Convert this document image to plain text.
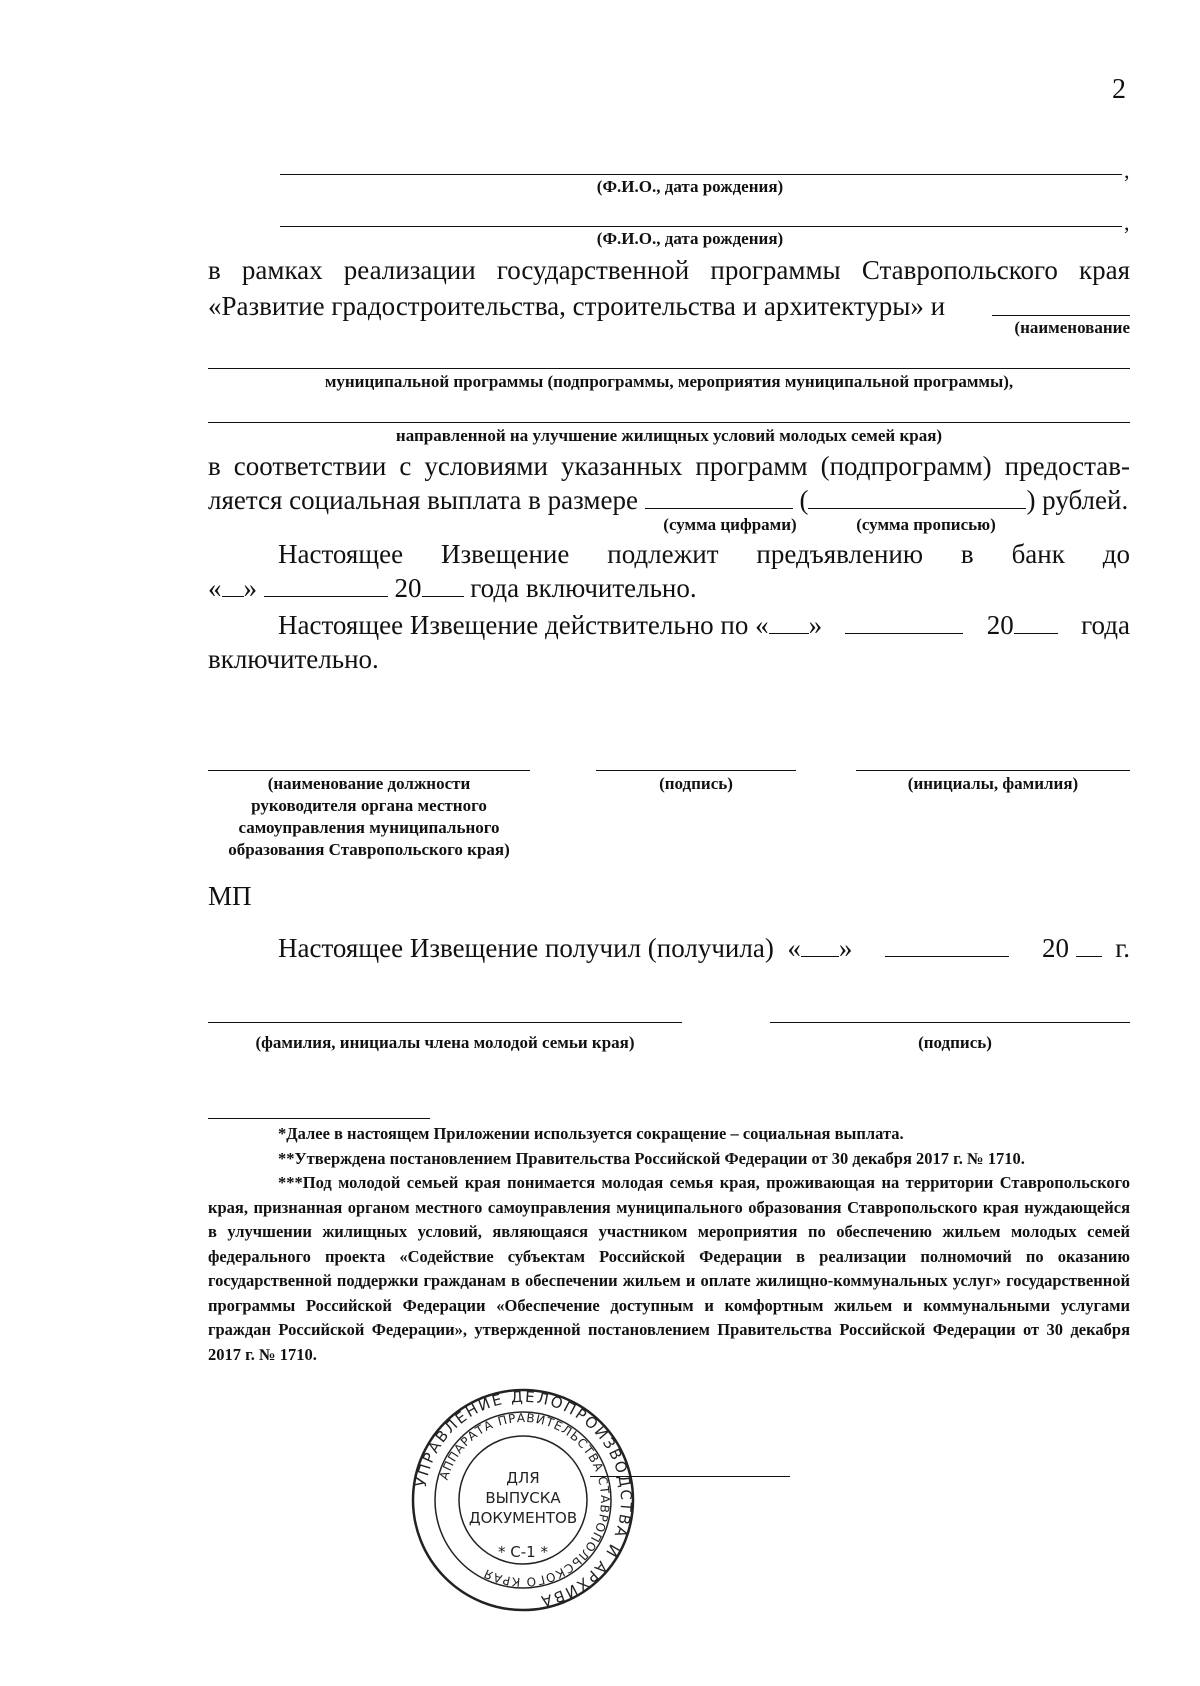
2
,
(Ф.И.О., дата рождения)
,
(Ф.И.О., дата рождения)
в рамках реализации государственной программы Ставропольского края
«Развитие градостроительства, строительства и архитектуры» и
(наименование
муниципальной программы (подпрограммы, мероприятия муниципальной программы),
направленной на улучшение жилищных условий молодых семей края)
в соответствии с условиями указанных программ (подпрограмм) предостав-
ляется социальная выплата в размере	(	) рублей.
(сумма цифрами)	(сумма прописью)
Настоящее Извещение подлежит предъявлению в банк до
« »	20 года включительно.
Настоящее Извещение действительно по « »	20	года
включительно.
(наименование должности
руководителя органа местного
самоуправления муниципального
образования Ставропольского края)
(подпись)	(инициалы, фамилия)
МП
Настоящее Извещение получил (получила) « »	20 г.
(фамилия, инициалы члена молодой семьи края)	(подпись)

*Далее в настоящем Приложении используется сокращение – социальная выплата.

**Утверждена постановлением Правительства Российской Федерации от 30 декабря 2017 г. № 1710.

***Под молодой семьей края понимается молодая семья края, проживающая на территории Ставропольского края, признанная органом местного самоуправления муниципального образования Ставропольского края нуждающейся в улучшении жилищных условий, являющаяся участником мероприятия по обеспечению жильем молодых семей федерального проекта «Содействие субъектам Российской Федерации в реализации полномочий по оказанию государственной поддержки гражданам в обеспечении жильем и оплате жилищно-коммунальных услуг» государственной программы Российской Федерации «Обеспечение доступным и комфортным жильем и коммунальными услугами граждан Российской Федерации», утвержденной постановлением Правительства Российской Федерации от 30 декабря 2017 г. № 1710.

УПРАВЛЕНИЕ ДЕЛОПРОИЗВОДСТВА И АРХИВА
АППАРАТА ПРАВИТЕЛЬСТВА СТАВРОПОЛЬСКОГО КРАЯ
ДЛЯ
ВЫПУСКА
ДОКУМЕНТОВ
* С-1 *
